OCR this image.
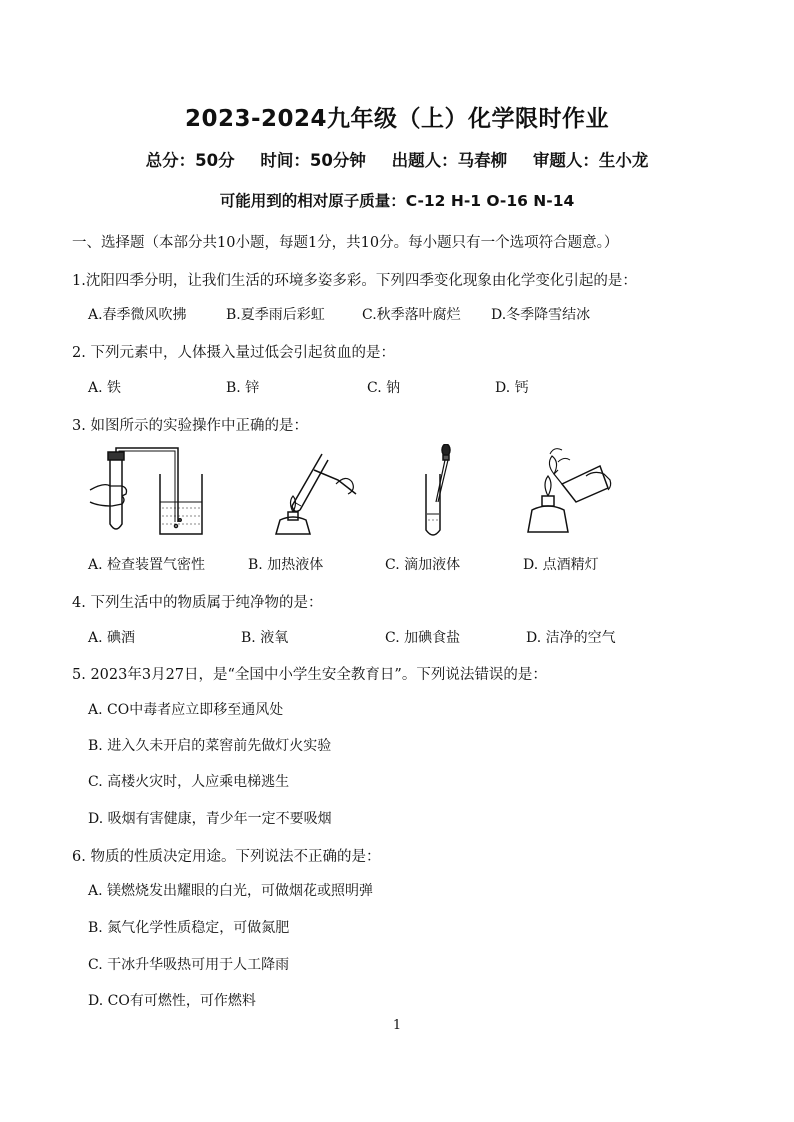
2023-2024九年级（上）化学限时作业
总分：50分 时间：50分钟 出题人：马春柳 审题人：生小龙
可能用到的相对原子质量：C-12 H-1 O-16 N-14
一、选择题（本部分共10小题，每题1分，共10分。每小题只有一个选项符合题意。）
1.沈阳四季分明，让我们生活的环境多姿多彩。下列四季变化现象由化学变化引起的是：
A.春季微风吹拂	B.夏季雨后彩虹	C.秋季落叶腐烂 D.冬季降雪结冰
2. 下列元素中，人体摄入量过低会引起贫血的是：
A. 铁	B. 锌	C. 钠	D. 钙
3. 如图所示的实验操作中正确的是：
A. 检查装置气密性	B. 加热液体	C. 滴加液体	D. 点酒精灯
4. 下列生活中的物质属于纯净物的是：
A. 碘酒	B. 液氧	C. 加碘食盐	D. 洁净的空气
5. 2023年3月27日，是“全国中小学生安全教育日”。下列说法错误的是：
A. CO中毒者应立即移至通风处
B. 进入久未开启的菜窖前先做灯火实验
C. 高楼火灾时，人应乘电梯逃生
D. 吸烟有害健康，青少年一定不要吸烟
6. 物质的性质决定用途。下列说法不正确的是：
A. 镁燃烧发出耀眼的白光，可做烟花或照明弹
B. 氮气化学性质稳定，可做氮肥
C. 干冰升华吸热可用于人工降雨
D. CO有可燃性，可作燃料
1
